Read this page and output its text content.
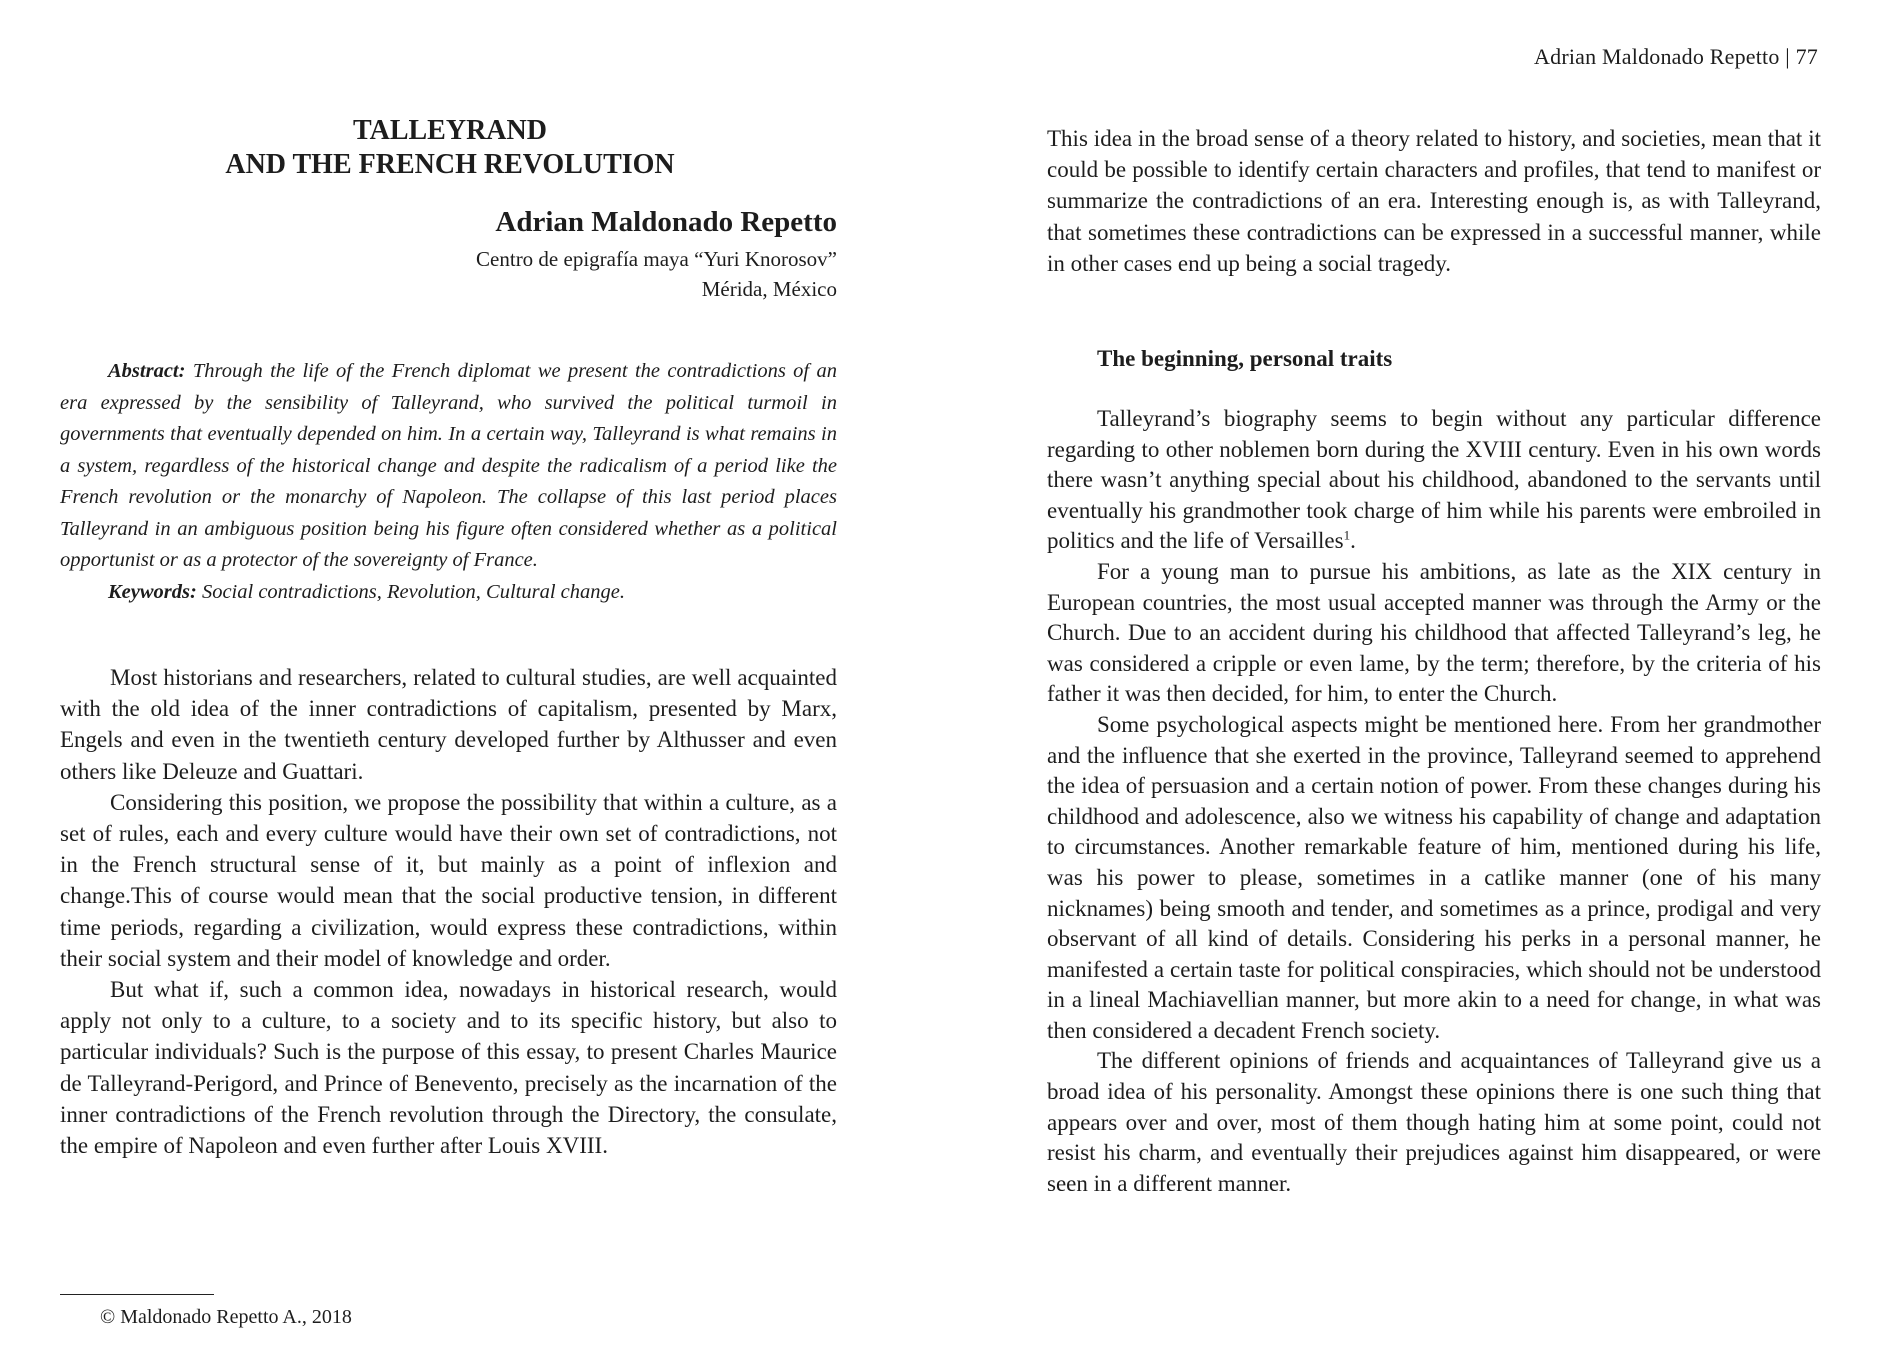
TALLEYRAND
AND THE FRENCH REVOLUTION
Adrian Maldonado Repetto
Centro de epigrafía maya “Yuri Knorosov”
Mérida, México

Abstract: Through the life of the French diplomat we present the contradictions of an era expressed by the sensibility of Talleyrand, who survived the political turmoil in governments that eventually depended on him. In a certain way, Talleyrand is what remains in a system, regardless of the historical change and despite the radicalism of a period like the French revolution or the monarchy of Napoleon. The collapse of this last period places Talleyrand in an ambiguous position being his figure often considered whether as a political opportunist or as a protector of the sovereignty of France.

Keywords: Social contradictions, Revolution, Cultural change.

Most historians and researchers, related to cultural studies, are well acquainted with the old idea of the inner contradictions of capitalism, presented by Marx, Engels and even in the twentieth century developed further by Althusser and even others like Deleuze and Guattari.

Considering this position, we propose the possibility that within a culture, as a set of rules, each and every culture would have their own set of contradictions, not in the French structural sense of it, but mainly as a point of inflexion and change.This of course would mean that the social productive tension, in different time periods, regarding a civilization, would express these contradictions, within their social system and their model of knowledge and order.

But what if, such a common idea, nowadays in historical research, would apply not only to a culture, to a society and to its specific history, but also to particular individuals? Such is the purpose of this essay, to present Charles Maurice de Talleyrand-Perigord, and Prince of Benevento, precisely as the incarnation of the inner contradictions of the French revolution through the Directory, the consulate, the empire of Napoleon and even further after Louis XVIII.

© Maldonado Repetto A., 2018
Adrian Maldonado Repetto | 77

This idea in the broad sense of a theory related to history, and societies, mean that it could be possible to identify certain characters and profiles, that tend to manifest or summarize the contradictions of an era. Interesting enough is, as with Talleyrand, that sometimes these contradictions can be expressed in a successful manner, while in other cases end up being a social tragedy.

The beginning, personal traits

Talleyrand’s biography seems to begin without any particular difference regarding to other noblemen born during the XVIII century. Even in his own words there wasn’t anything special about his childhood, abandoned to the servants until eventually his grandmother took charge of him while his parents were embroiled in politics and the life of Versailles$^1$.

For a young man to pursue his ambitions, as late as the XIX century in European countries, the most usual accepted manner was through the Army or the Church. Due to an accident during his childhood that affected Talleyrand’s leg, he was considered a cripple or even lame, by the term; therefore, by the criteria of his father it was then decided, for him, to enter the Church.

Some psychological aspects might be mentioned here. From her grandmother and the influence that she exerted in the province, Talleyrand seemed to apprehend the idea of persuasion and a certain notion of power. From these changes during his childhood and adolescence, also we witness his capability of change and adaptation to circumstances. Another remarkable feature of him, mentioned during his life, was his power to please, sometimes in a catlike manner (one of his many nicknames) being smooth and tender, and sometimes as a prince, prodigal and very observant of all kind of details. Considering his perks in a personal manner, he manifested a certain taste for political conspiracies, which should not be understood in a lineal Machiavellian manner, but more akin to a need for change, in what was then considered a decadent French society.

The different opinions of friends and acquaintances of Talleyrand give us a broad idea of his personality. Amongst these opinions there is one such thing that appears over and over, most of them though hating him at some point, could not resist his charm, and eventually their prejudices against him disappeared, or were seen in a different manner.
